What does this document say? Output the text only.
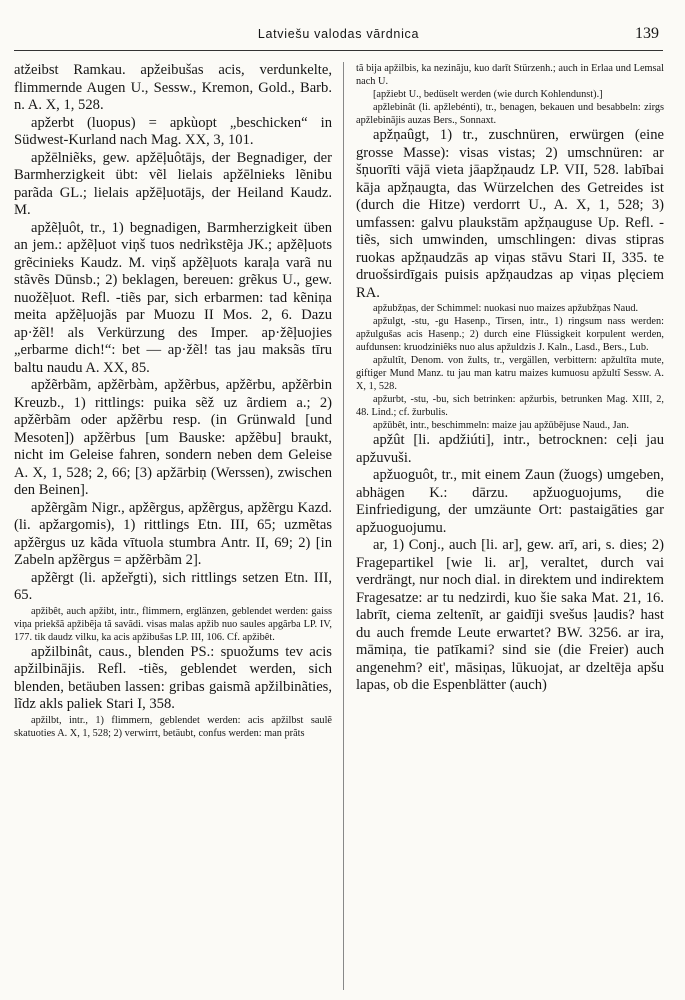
Latviešu valodas vārdnica	139

atžeibst Ramkau. apžeibušas acis, verdunkelte, flimmernde Augen U., Sessw., Kremon, Gold., Barb. n. A. X, 1, 528.

apžerbt (luopus) = apkùopt „beschicken“ in Südwest-Kurland nach Mag. XX, 3, 101.

apžēlniẽks, gew. apžēļuôtājs, der Begnadiger, der Barmherzigkeit übt: vẽl lielais apžēlnieks lẽnibu parãda GL.; lielais apžēļuotājs, der Heiland Kaudz. M.

apžẽļuôt, tr., 1) begnadigen, Barmherzigkeit üben an jem.: apžẽļuot viņš tuos nedrìkstẽja JK.; apžẽļuots grẽcinieks Kaudz. M. viņš apžẽļuots karaļa varã nu stãvẽs Dūnsb.; 2) beklagen, bereuen: grẽkus U., gew. nuožẽļuot. Refl. -tiẽs par, sich erbarmen: tad kẽniņa meita apžẽļuojãs par Muozu II Mos. 2, 6. Dazu ap·žẽl! als Verkürzung des Imper. ap·žẽļuojies „erbarme dich!“: bet — ap·žẽl! tas jau maksãs tīru baltu naudu A. XX, 85.

apžẽrbãm, apžẽrbàm, apžẽrbus, apžẽrbu, apžẽrbin Kreuzb., 1) rittlings: puika sẽž uz ãrdiem a.; 2) apžẽrbãm oder apžẽrbu resp. (in Grünwald [und Mesoten]) apžẽrbus [um Bauske: apžẽbu] braukt, nicht im Geleise fahren, sondern neben dem Geleise A. X, 1, 528; 2, 66; [3) apžārbiņ (Werssen), zwischen den Beinen].

apžẽrgãm Nigr., apžẽrgus, apžẽrgus, apžẽrgu Kazd. (li. apžargomis), 1) rittlings Etn. III, 65; uzmẽtas apžẽrgus uz kãda vītuola stumbra Antr. II, 69; 2) [in Zabeln apžẽrgus = apžẽrbãm 2].

apžẽrgt (li. apžeřgti), sich rittlings setzen Etn. III, 65.

apžibêt, auch apžibt, intr., flimmern, erglänzen, geblendet werden: gaiss viņa priekšã apžibẽja tã savãdi. visas malas apžib nuo saules apgãrba LP. IV, 177. tik daudz vilku, ka acis apžibušas LP. III, 106. Cf. apžibêt.

apžilbinât, caus., blenden PS.: spuožums tev acis apžilbinājis. Refl. -tiẽs, geblendet werden, sich blenden, betäuben lassen: gribas gaismã apžilbinãties, lĩdz akls paliek Stari I, 358.

apžilbt, intr., 1) flimmern, geblendet werden: acis apžilbst saulẽ skatuoties A. X, 1, 528; 2) verwirrt, betäubt, confus werden: man prãts

tã bija apžilbis, ka nezinãju, kuo darīt Stürzenh.; auch in Erlaa und Lemsal nach U.

[apžiebt U., bedüselt werden (wie durch Kohlendunst).]

apžlebinât (li. apžlebénti), tr., benagen, bekauen und besabbeln: zirgs apžlebinājis auzas Bers., Sonnaxt.

apžņaûgt, 1) tr., zuschnüren, erwürgen (eine grosse Masse): visas vistas; 2) umschnüren: ar šņuorīti vājā vieta jāapžņaudz LP. VII, 528. labībai kāja apžņaugta, das Würzelchen des Getreides ist (durch die Hitze) verdorrt U., A. X, 1, 528; 3) umfassen: galvu plaukstām apžņauguse Up. Refl. -tiẽs, sich umwinden, umschlingen: divas stipras ruokas apžņaudzās ap viņas stāvu Stari II, 335. te druošsirdīgais puisis apžņaudzas ap viņas plęciem RA.

apžubžņas, der Schimmel: nuokasi nuo maizes apžubžņas Naud.

apžulgt, -stu, -gu Hasenp., Tirsen, intr., 1) ringsum nass werden: apžulgušas acis Hasenp.; 2) durch eine Flüssigkeit korpulent werden, aufdunsen: kruodziniẽks nuo alus apžuldzis J. Kaln., Lasd., Bers., Lub.

apžultĩt, Denom. von žults, tr., vergällen, verbittern: apžultīta mute, giftiger Mund Manz. tu jau man katru maizes kumuosu apžultĩ Sessw. A. X, 1, 528.

apžurbt, -stu, -bu, sich betrinken: apžurbis, betrunken Mag. XIII, 2, 48. Lind.; cf. žurbulis.

apžūbêt, intr., beschimmeln: maize jau apžūbējuse Naud., Jan.

apžût [li. apdžiúti], intr., betrocknen: ceļi jau apžuvuši.

apžuoguôt, tr., mit einem Zaun (žuogs) umgeben, abhägen K.: dārzu. apžuoguojums, die Einfriedigung, der umzäunte Ort: pastaigāties gar apžuoguojumu.

ar, 1) Conj., auch [li. ar], gew. arī, ari, s. dies; 2) Fragepartikel [wie li. ar], veraltet, durch vai verdrängt, nur noch dial. in direktem und indirektem Fragesatze: ar tu nedzirdi, kuo šie saka Mat. 21, 16. labrīt, ciema zeltenīt, ar gaidīji svešus ļaudis? hast du auch fremde Leute erwartet? BW. 3256. ar ira, māmiņa, tie patīkami? sind sie (die Freier) auch angenehm? eit', māsiņas, lūkuojat, ar dzeltēja apšu lapas, ob die Espenblätter (auch)
